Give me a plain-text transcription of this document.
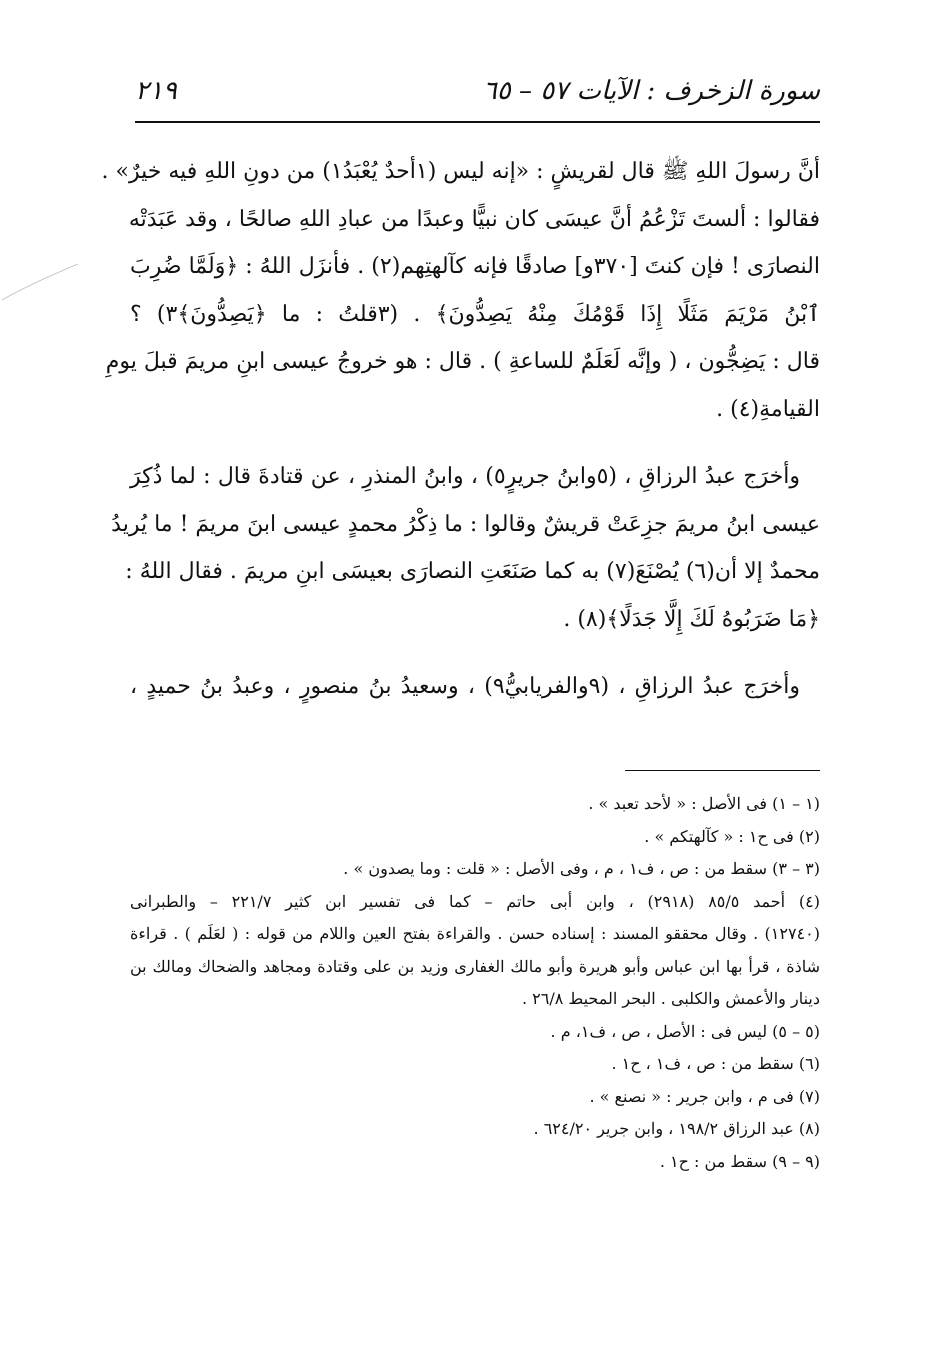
سورة الزخرف : الآيات ٥٧ – ٦٥
٢١٩

أنَّ رسولَ اللهِ ﷺ قال لقريشٍ : «إنه ليس (١أحدٌ يُعْبَدُ١) من دونِ اللهِ فيه خيرٌ» .
فقالوا : ألستَ تَزْعُمُ أنَّ عيسَى كان نبيًّا وعبدًا من عبادِ اللهِ صالحًا ، وقد عَبَدَتْه
النصارَى ! فإن كنتَ [٣٧٠و] صادقًا فإنه كآلهتِهم(٢) . فأنزَل اللهُ : ﴿وَلَمَّا ضُرِبَ
ٱبْنُ مَرْيَمَ مَثَلًا إِذَا قَوْمُكَ مِنْهُ يَصِدُّونَ﴾ . (٣قلتُ : ما ﴿يَصِدُّونَ﴾٣) ؟
قال : يَضِجُّون ، ( وإنَّه لَعَلَمٌ للساعةِ ) . قال : هو خروجُ عيسى ابنِ مريمَ قبلَ يومِ
القيامةِ(٤) .

وأخرَج عبدُ الرزاقِ ، (٥وابنُ جريرٍ٥) ، وابنُ المنذرِ ، عن قتادةَ قال : لما ذُكِرَ
عيسى ابنُ مريمَ جزِعَتْ قريشٌ وقالوا : ما ذِكْرُ محمدٍ عيسى ابنَ مريمَ ! ما يُريدُ
محمدٌ إلا أن(٦) يُصْنَعَ(٧) به كما صَنَعَتِ النصارَى بعيسَى ابنِ مريمَ . فقال اللهُ :
﴿مَا ضَرَبُوهُ لَكَ إِلَّا جَدَلًا﴾(٨) .

وأخرَج عبدُ الرزاقِ ، (٩والفريابيُّ٩) ، وسعيدُ بنُ منصورٍ ، وعبدُ بنُ حميدٍ ،

(١ – ١) فى الأصل : « لأحد تعبد » .
(٢) فى ح١ : « كآلهتكم » .
(٣ – ٣) سقط من : ص ، ف١ ، م ، وفى الأصل : « قلت : وما يصدون » .
(٤) أحمد ٨٥/٥ (٢٩١٨) ، وابن أبى حاتم – كما فى تفسير ابن كثير ٢٢١/٧ – والطبرانى
(١٢٧٤٠) . وقال محققو المسند : إسناده حسن . والقراءة بفتح العين واللام من قوله : ( لعَلَم ) . قراءة
شاذة ، قرأ بها ابن عباس وأبو هريرة وأبو مالك الغفارى وزيد بن على وقتادة ومجاهد والضحاك ومالك بن
دينار والأعمش والكلبى . البحر المحيط ٢٦/٨ .
(٥ – ٥) ليس فى : الأصل ، ص ، ف١، م .
(٦) سقط من : ص ، ف١ ، ح١ .
(٧) فى م ، وابن جرير : « نصنع » .
(٨) عبد الرزاق ١٩٨/٢ ، وابن جرير ٦٢٤/٢٠ .
(٩ – ٩) سقط من : ح١ .
